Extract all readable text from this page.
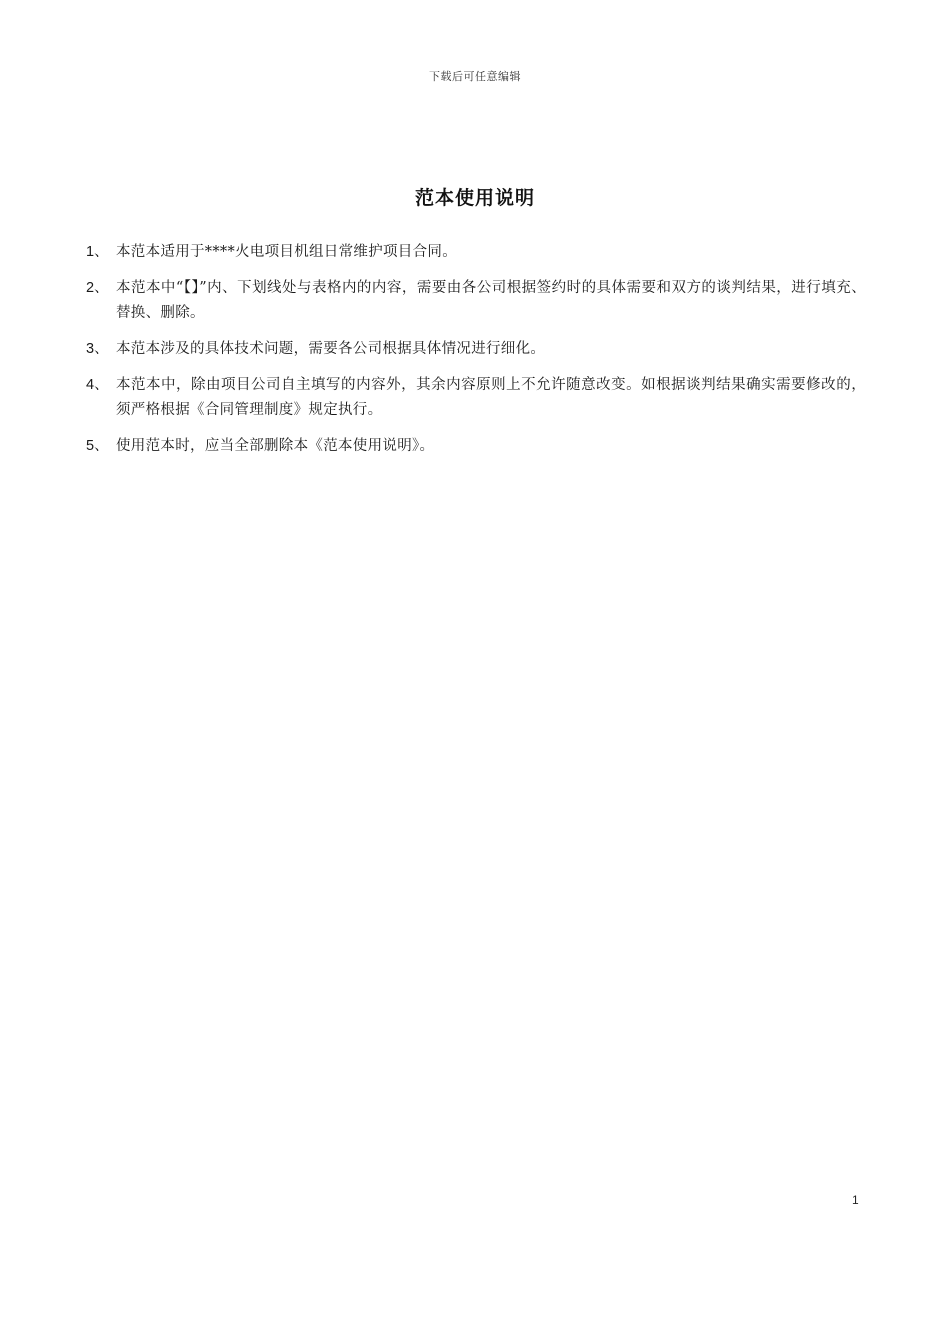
下载后可任意编辑
范本使用说明
1、 本范本适用于****火电项目机组日常维护项目合同。
2、 本范本中“【】”内、下划线处与表格内的内容，需要由各公司根据签约时的具体需要和双方的谈判结果，进行填充、替换、删除。
3、 本范本涉及的具体技术问题，需要各公司根据具体情况进行细化。
4、 本范本中，除由项目公司自主填写的内容外，其余内容原则上不允许随意改变。如根据谈判结果确实需要修改的，须严格根据《合同管理制度》规定执行。
5、 使用范本时，应当全部删除本《范本使用说明》。
1
